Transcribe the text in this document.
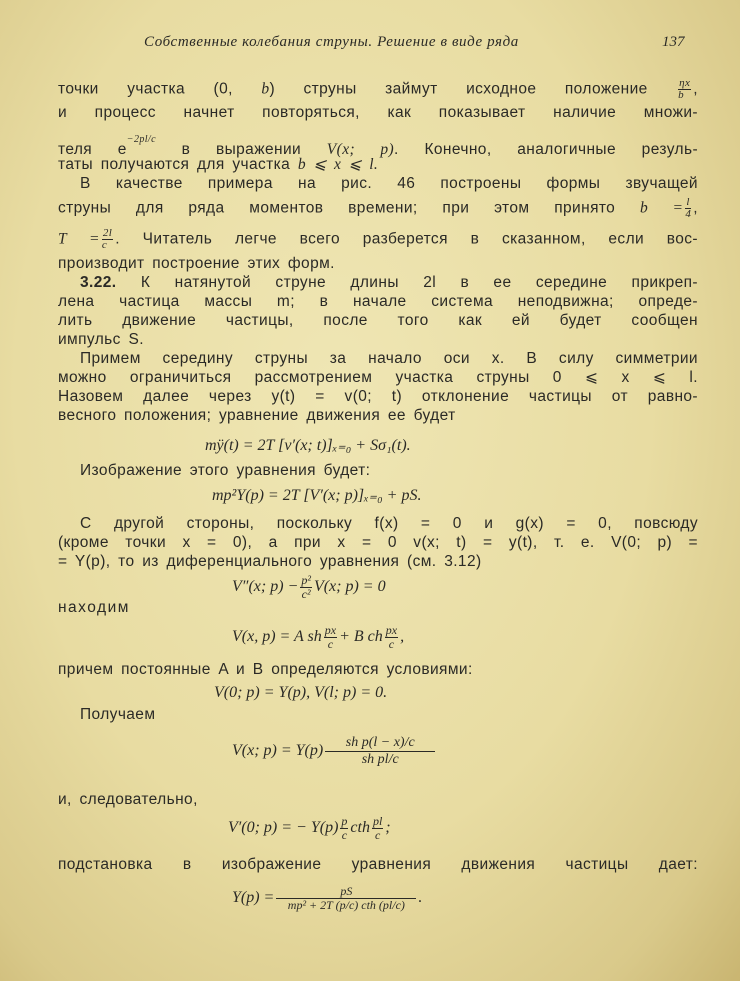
Собственные колебания струны. Решение в виде ряда	137
точки участка (0, b) струны займут исходное положение $\frac{\eta x}{b}$ ,
и процесс начнет повторяться, как показывает наличие множи-
теля $e^{-2pl/c}$ в выражении V(x; p). Конечно, аналогичные резуль-
таты получаются для участка b ⩽ x ⩽ l.
В качестве примера на рис. 46 построены формы звучащей
струны для ряда моментов времени; при этом принято $b = \frac{l}{4}$ ,
$T = \frac{2l}{c}$ . Читатель легче всего разберется в сказанном, если вос-
производит построение этих форм.
3.22. К натянутой струне длины 2l в ее середине прикреп-
лена частица массы m; в начале система неподвижна; опреде-
лить движение частицы, после того как ей будет сообщен
импульс S.
Примем середину струны за начало оси x. В силу симметрии
можно ограничиться рассмотрением участка струны 0 ⩽ x ⩽ l.
Назовем далее через y(t) = v(0; t) отклонение частицы от равно-
весного положения; уравнение движения ее будет
mÿ(t) = 2T [v′(x; t)]ₓ₌₀ + Sσ₁(t).
Изображение этого уравнения будет:
mp²Y(p) = 2T [V′(x; p)]ₓ₌₀ + pS.
С другой стороны, поскольку f(x) = 0 и g(x) = 0, повсюду
(кроме точки x = 0), а при x = 0 v(x; t) = y(t), т. е. V(0; p) =
= Y(p), то из диференциального уравнения (см. 3.12)
V″(x; $p) - \frac{\text{p²}}{\text{c²}} V(x$; p) = 0
находим
V(x, p) = A sh $\frac{px}{c} + B$ ch $\frac{px}{c}$ ,
причем постоянные A и B определяются условиями:
V(0; p) = Y(p), V(l; p) = 0.
Получаем
V(x; $p) = Y(p) \frac{\text{sh p(l − x)/c}}{\text{sh pl/c}}$
и, следовательно,
V′(0; p) = − $Y(p) \frac{p}{c}$ cth $\frac{pl}{c}$ ;
подстановка в изображение уравнения движения частицы дает:
Y(p) =	pS
mp² + 2T (p/c) cth (pl/c) .
